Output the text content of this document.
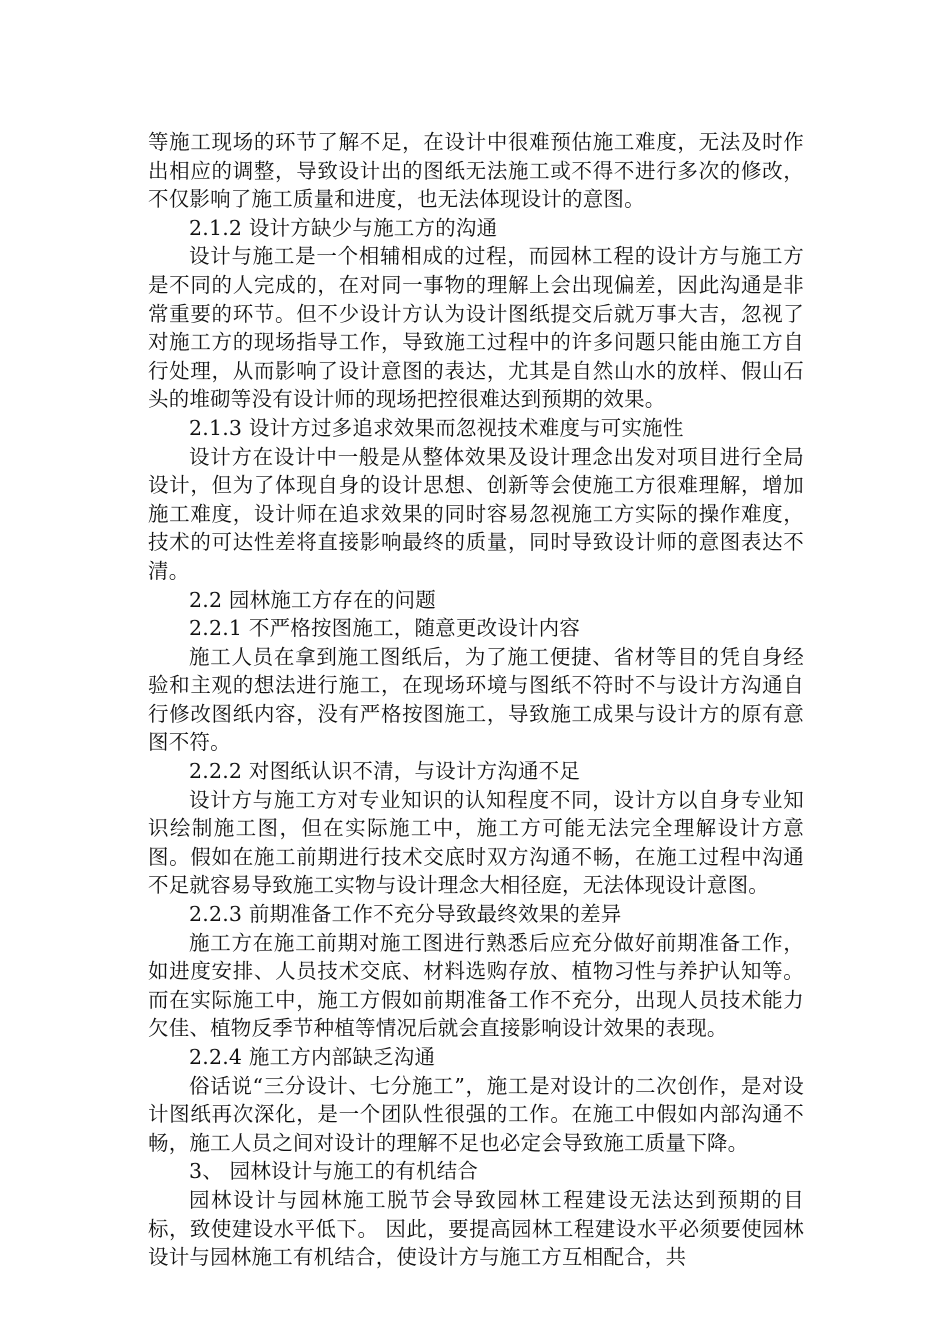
等施工现场的环节了解不足，在设计中很难预估施工难度，无法及时作出相应的调整，导致设计出的图纸无法施工或不得不进行多次的修改，不仅影响了施工质量和进度，也无法体现设计的意图。

2.1.2 设计方缺少与施工方的沟通

设计与施工是一个相辅相成的过程，而园林工程的设计方与施工方是不同的人完成的，在对同一事物的理解上会出现偏差，因此沟通是非常重要的环节。但不少设计方认为设计图纸提交后就万事大吉，忽视了对施工方的现场指导工作，导致施工过程中的许多问题只能由施工方自行处理，从而影响了设计意图的表达，尤其是自然山水的放样、假山石头的堆砌等没有设计师的现场把控很难达到预期的效果。

2.1.3 设计方过多追求效果而忽视技术难度与可实施性

设计方在设计中一般是从整体效果及设计理念出发对项目进行全局设计，但为了体现自身的设计思想、创新等会使施工方很难理解，增加施工难度，设计师在追求效果的同时容易忽视施工方实际的操作难度，技术的可达性差将直接影响最终的质量，同时导致设计师的意图表达不清。

2.2 园林施工方存在的问题

2.2.1 不严格按图施工，随意更改设计内容

施工人员在拿到施工图纸后，为了施工便捷、省材等目的凭自身经验和主观的想法进行施工，在现场环境与图纸不符时不与设计方沟通自行修改图纸内容，没有严格按图施工，导致施工成果与设计方的原有意图不符。

2.2.2 对图纸认识不清，与设计方沟通不足

设计方与施工方对专业知识的认知程度不同，设计方以自身专业知识绘制施工图，但在实际施工中，施工方可能无法完全理解设计方意图。假如在施工前期进行技术交底时双方沟通不畅，在施工过程中沟通不足就容易导致施工实物与设计理念大相径庭，无法体现设计意图。

2.2.3 前期准备工作不充分导致最终效果的差异

施工方在施工前期对施工图进行熟悉后应充分做好前期准备工作，如进度安排、人员技术交底、材料选购存放、植物习性与养护认知等。而在实际施工中，施工方假如前期准备工作不充分，出现人员技术能力欠佳、植物反季节种植等情况后就会直接影响设计效果的表现。

2.2.4 施工方内部缺乏沟通

俗话说“三分设计、七分施工”，施工是对设计的二次创作，是对设计图纸再次深化，是一个团队性很强的工作。在施工中假如内部沟通不畅，施工人员之间对设计的理解不足也必定会导致施工质量下降。

3、 园林设计与施工的有机结合

园林设计与园林施工脱节会导致园林工程建设无法达到预期的目标，致使建设水平低下。 因此，要提高园林工程建设水平必须要使园林设计与园林施工有机结合，使设计方与施工方互相配合，共
